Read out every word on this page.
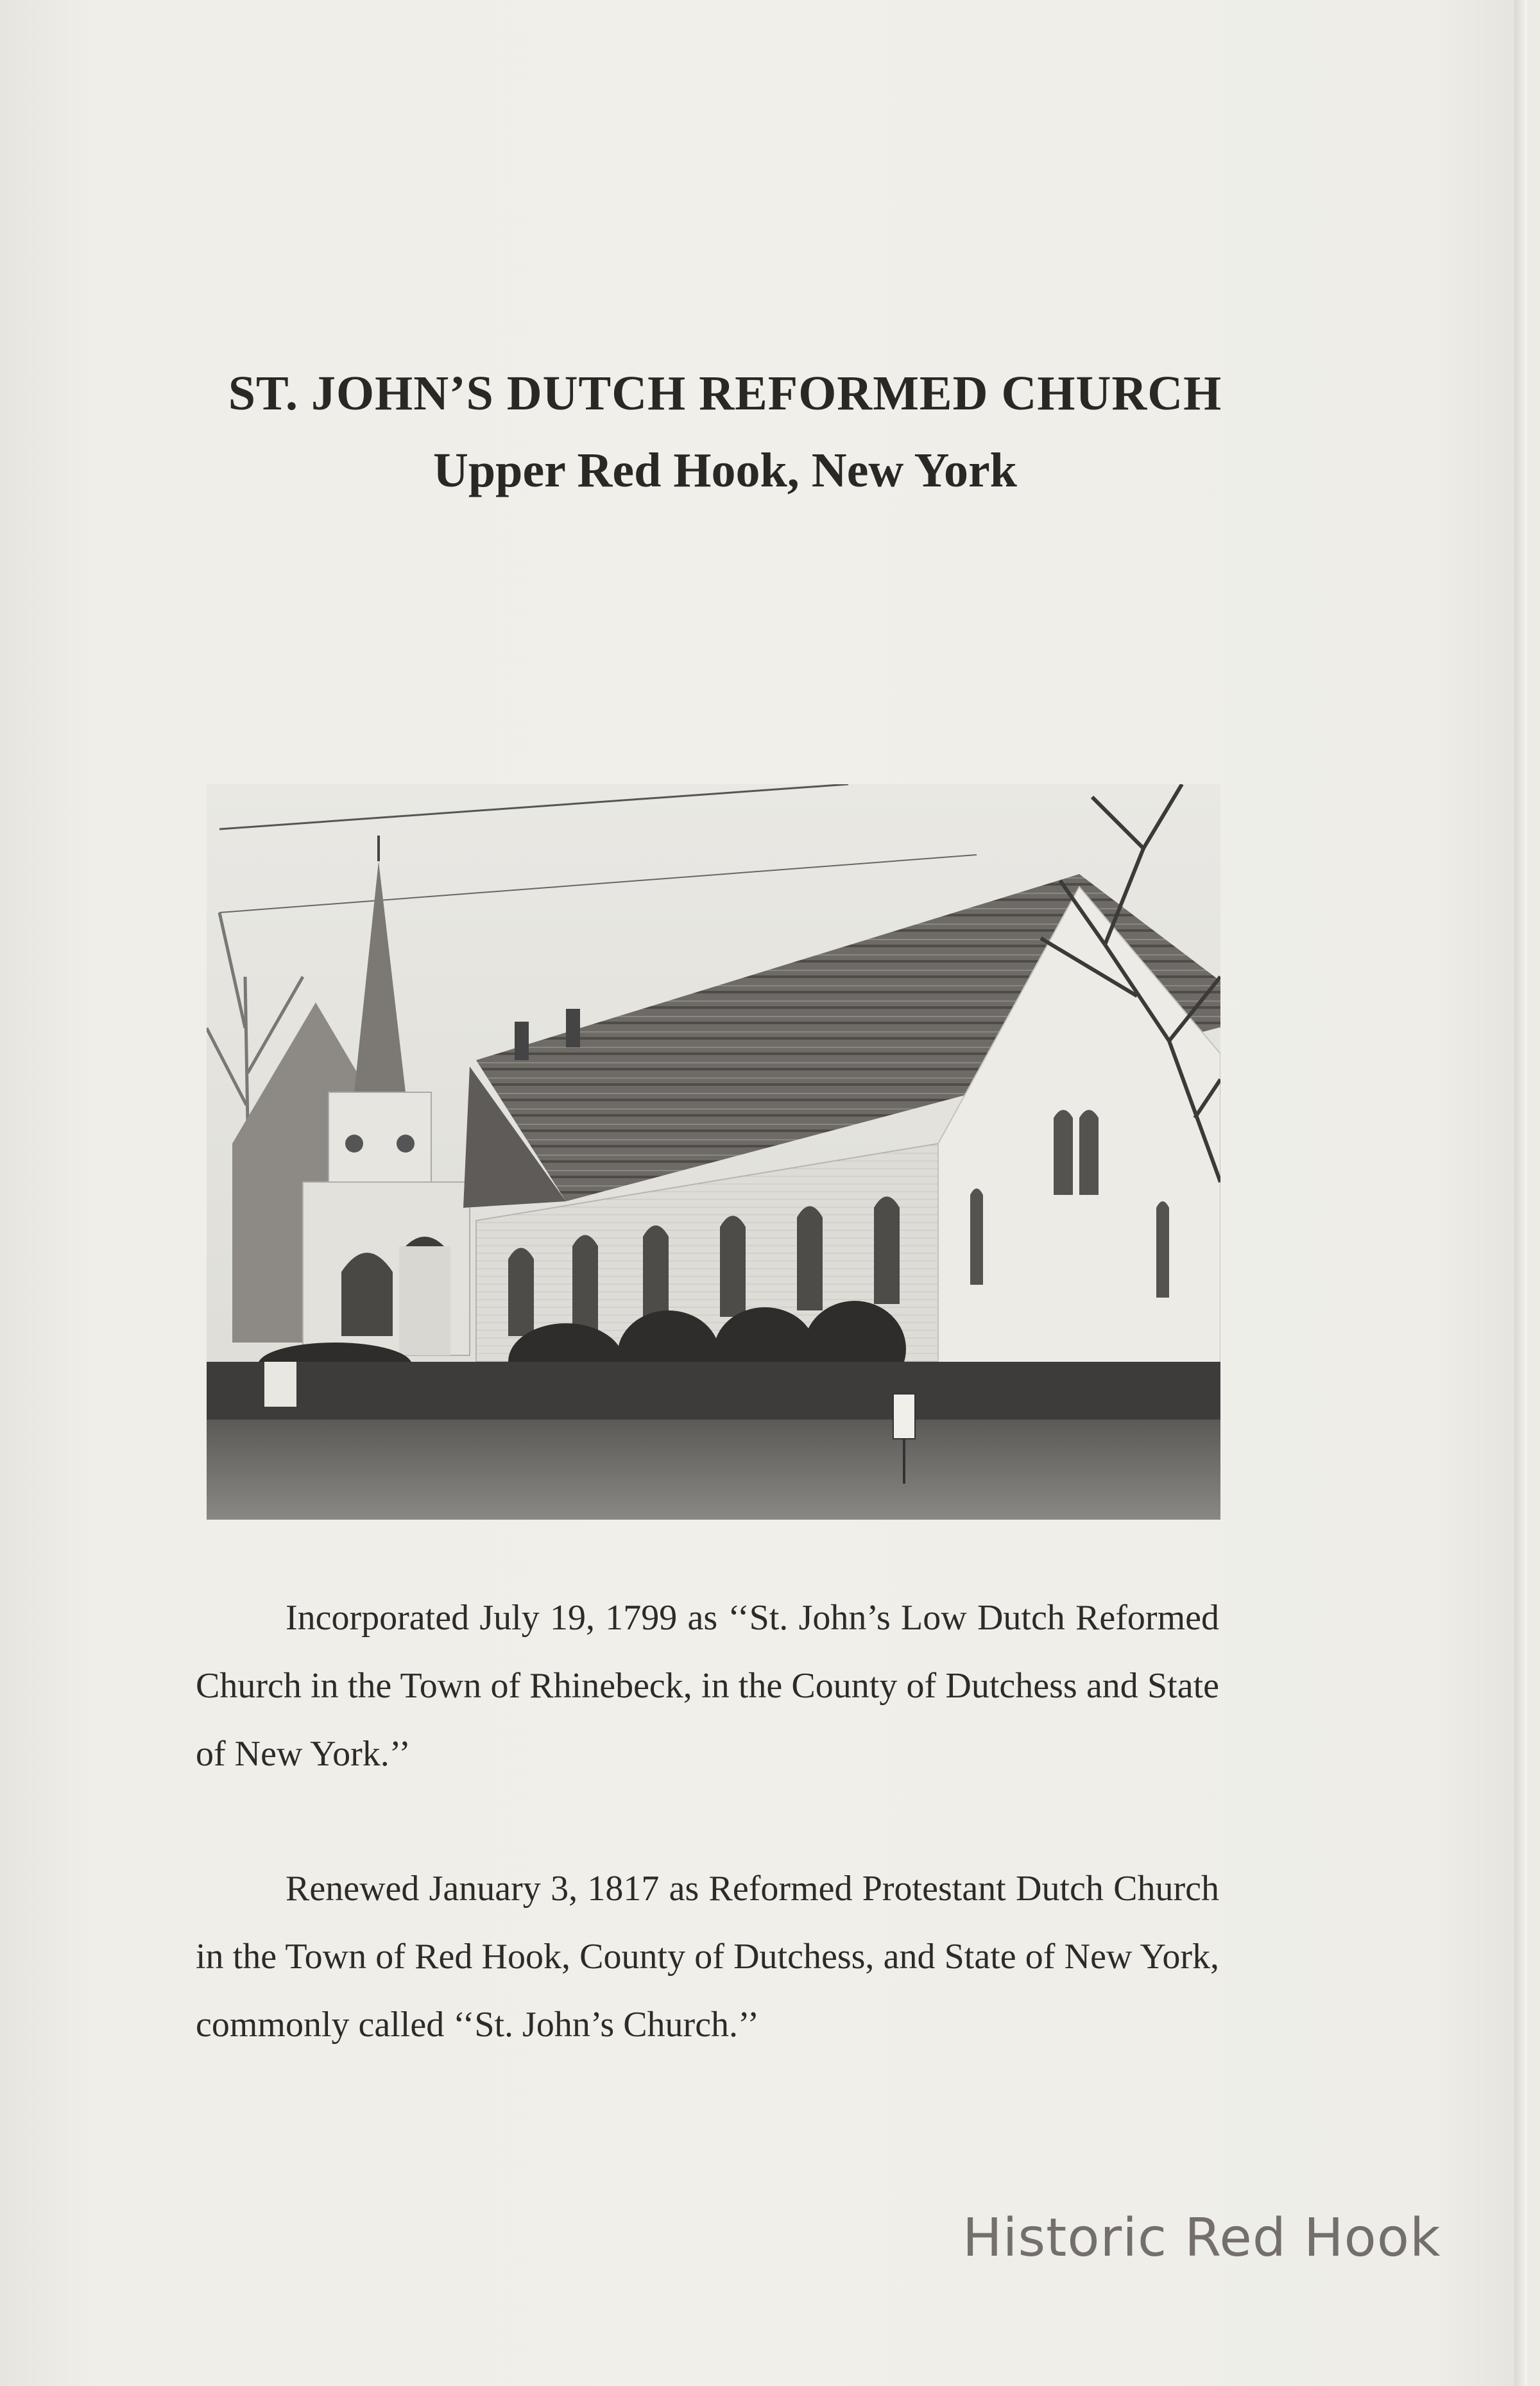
ST. JOHN’S DUTCH REFORMED CHURCH
Upper Red Hook, New York

Incorporated July 19, 1799 as ‘‘St. John’s Low Dutch Reformed Church in the Town of Rhinebeck, in the County of Dutchess and State of New York.’’

Renewed January 3, 1817 as Reformed Protestant Dutch Church in the Town of Red Hook, County of Dutchess, and State of New York, commonly called ‘‘St. John’s Church.’’

Historic Red Hook
